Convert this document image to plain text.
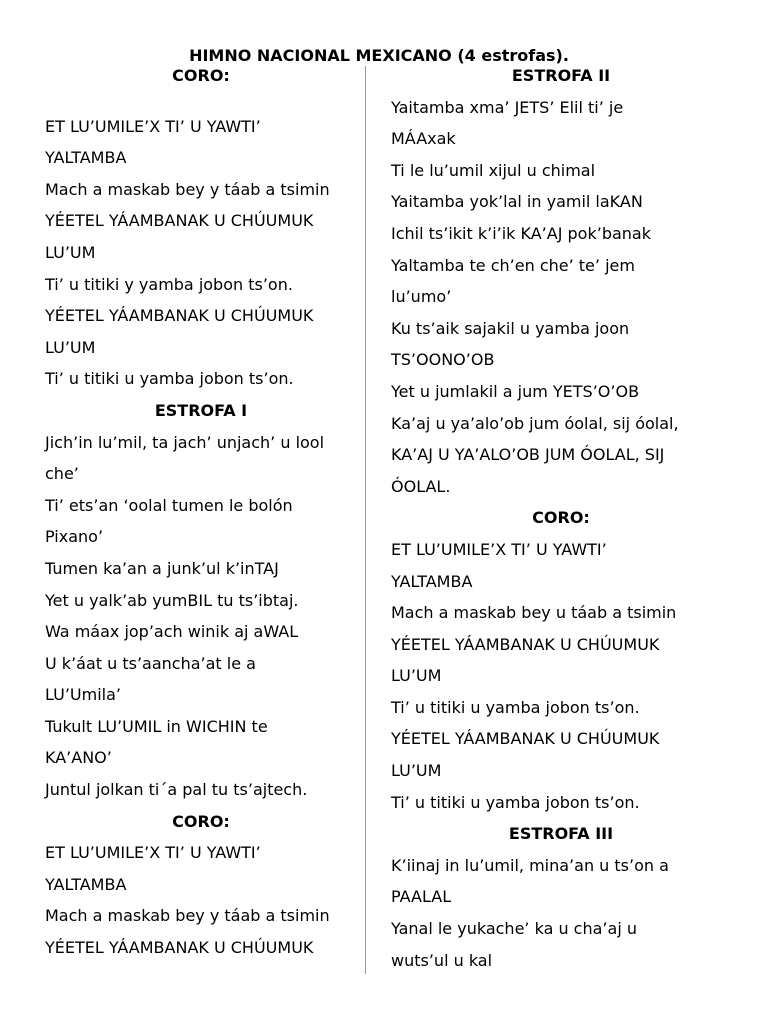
HIMNO NACIONAL MEXICANO (4 estrofas).
CORO:
ET LU’UMILE’X TI’ U YAWTI’
YALTAMBA
Mach a maskab bey y táab a tsimin
YÉETEL YÁAMBANAK U CHÚUMUK
LU’UM
Ti’ u titiki y yamba jobon ts’on.
YÉETEL YÁAMBANAK U CHÚUMUK
LU’UM
Ti’ u titiki u yamba jobon ts’on.
ESTROFA I
Jich’in lu’mil, ta jach’ unjach’ u lool
che’
Ti’ ets’an ‘oolal tumen le bolón
Pixano’
Tumen ka’an a junk’ul k’inTAJ
Yet u yalk’ab yumBIL tu ts’ibtaj.
Wa máax jop’ach winik aj aWAL
U k’áat u ts’aancha’at le a
LU’Umila’
Tukult LU’UMIL in WICHIN te
KA’ANO’
Juntul jolkan ti´a pal tu ts’ajtech.
CORO:
ET LU’UMILE’X TI’ U YAWTI’
YALTAMBA
Mach a maskab bey y táab a tsimin
YÉETEL YÁAMBANAK U CHÚUMUK
ESTROFA II
Yaitamba xma’ JETS’ Elil ti’ je
MÁAxak
Ti le lu’umil xijul u chimal
Yaitamba yok’lal in yamil laKAN
Ichil ts’ikit k’i’ik KA’AJ pok’banak
Yaltamba te ch’en che’ te’ jem
lu’umo’
Ku ts’aik sajakil u yamba joon
TS’OONO’OB
Yet u jumlakil a jum YETS’O’OB
Ka’aj u ya’alo’ob jum óolal, sij óolal,
KA’AJ U YA’ALO’OB JUM ÓOLAL, SIJ
ÓOLAL.
CORO:
ET LU’UMILE’X TI’ U YAWTI’
YALTAMBA
Mach a maskab bey u táab a tsimin
YÉETEL YÁAMBANAK U CHÚUMUK
LU’UM
Ti’ u titiki u yamba jobon ts’on.
YÉETEL YÁAMBANAK U CHÚUMUK
LU’UM
Ti’ u titiki u yamba jobon ts’on.
ESTROFA III
K’iinaj in lu’umil, mina’an u ts’on a
PAALAL
Yanal le yukache’ ka u cha’aj u
wuts’ul u kal
